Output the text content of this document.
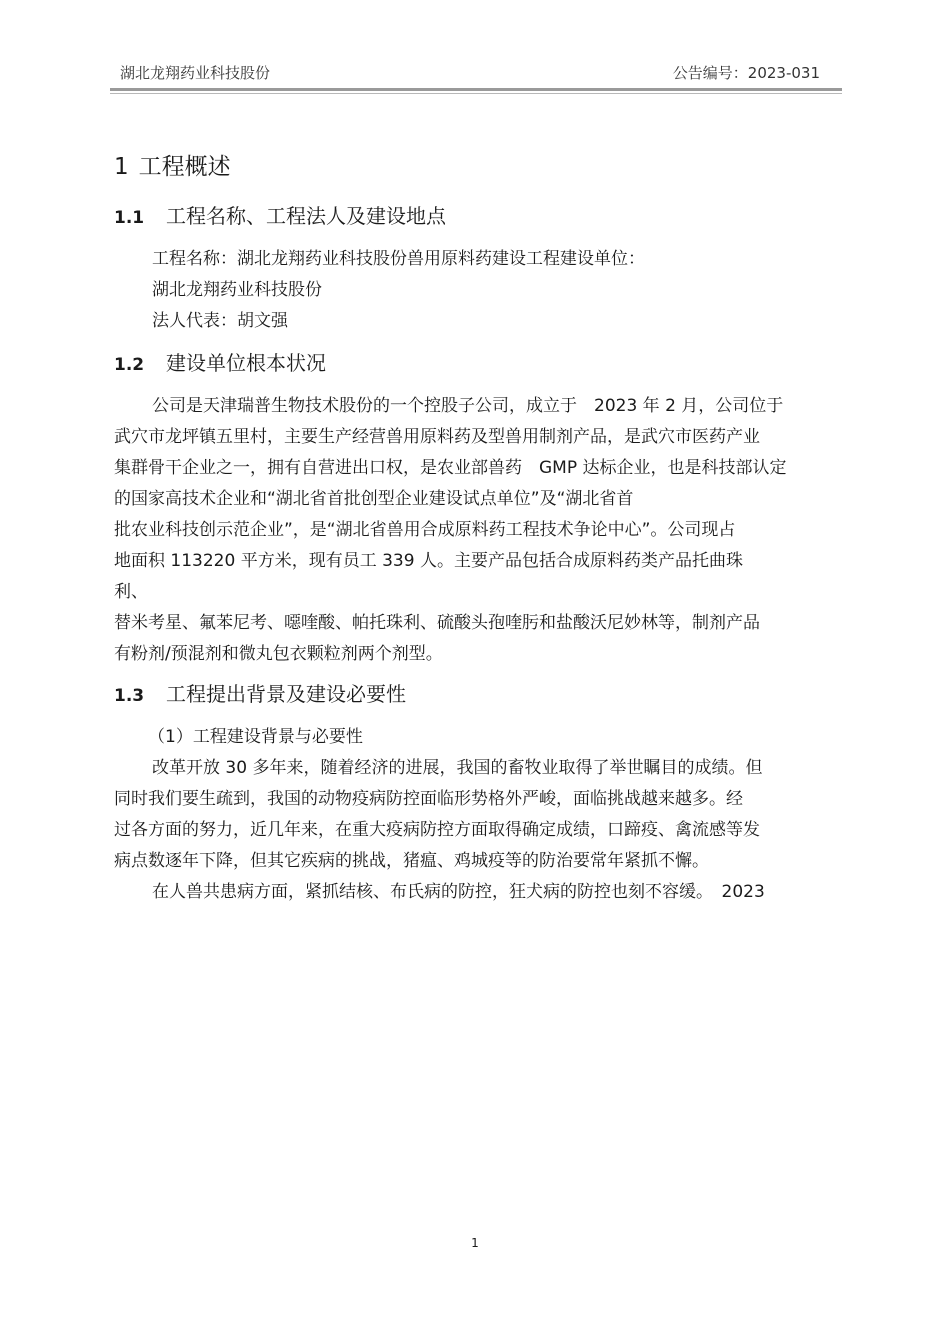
湖北龙翔药业科技股份	公告编号：2023-031
1 工程概述
1.1 工程名称、工程法人及建设地点

工程名称：湖北龙翔药业科技股份兽用原料药建设工程建设单位：

湖北龙翔药业科技股份

法人代表：胡文强

1.2 建设单位根本状况

公司是天津瑞普生物技术股份的一个控股子公司，成立于　2023 年 2 月，公司位于

武穴市龙坪镇五里村，主要生产经营兽用原料药及型兽用制剂产品，是武穴市医药产业

集群骨干企业之一，拥有自营进出口权，是农业部兽药　GMP 达标企业，也是科技部认定

的国家高技术企业和“湖北省首批创型企业建设试点单位”及“湖北省首

批农业科技创示范企业”，是“湖北省兽用合成原料药工程技术争论中心”。公司现占

地面积 113220 平方米，现有员工 339 人。主要产品包括合成原料药类产品托曲珠

利、

替米考星、氟苯尼考、噁喹酸、帕托珠利、硫酸头孢喹肟和盐酸沃尼妙林等，制剂产品

有粉剂/预混剂和微丸包衣颗粒剂两个剂型。

1.3 工程提出背景及建设必要性

（1）工程建设背景与必要性

改革开放 30 多年来，随着经济的进展，我国的畜牧业取得了举世瞩目的成绩。但

同时我们要生疏到，我国的动物疫病防控面临形势格外严峻，面临挑战越来越多。经

过各方面的努力，近几年来，在重大疫病防控方面取得确定成绩，口蹄疫、禽流感等发

病点数逐年下降，但其它疾病的挑战，猪瘟、鸡城疫等的防治要常年紧抓不懈。

在人兽共患病方面，紧抓结核、布氏病的防控，狂犬病的防控也刻不容缓。　2023

1
